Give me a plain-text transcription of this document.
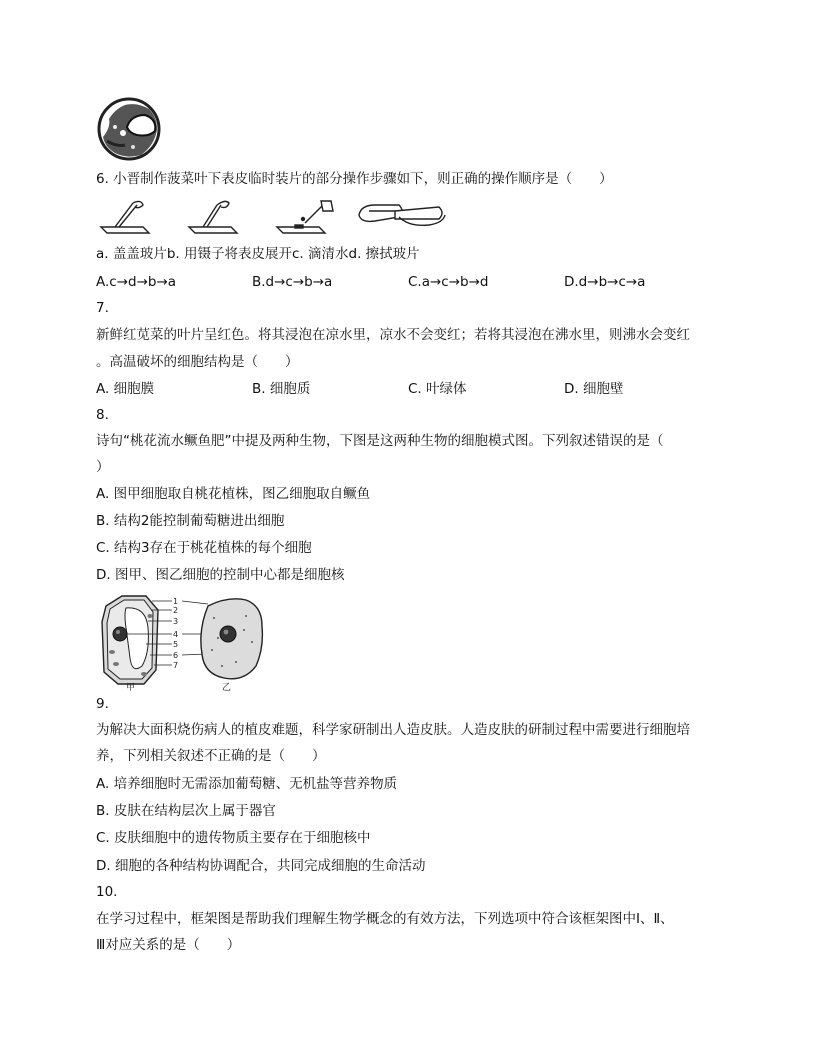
6. 小晋制作菠菜叶下表皮临时装片的部分操作步骤如下，则正确的操作顺序是（　　）
a. 盖盖玻片b. 用镊子将表皮展开c. 滴清水d. 擦拭玻片
A.c→d→b→a	B.d→c→b→a	C.a→c→b→d	D.d→b→c→a
7.
新鲜红苋菜的叶片呈红色。将其浸泡在凉水里，凉水不会变红；若将其浸泡在沸水里，则沸水会变红
。高温破坏的细胞结构是（　　）
A. 细胞膜	B. 细胞质	C. 叶绿体	D. 细胞壁
8.
诗句“桃花流水鳜鱼肥”中提及两种生物，下图是这两种生物的细胞模式图。下列叙述错误的是（
）
A. 图甲细胞取自桃花植株，图乙细胞取自鳜鱼
B. 结构2能控制葡萄糖进出细胞
C. 结构3存在于桃花植株的每个细胞
D. 图甲、图乙细胞的控制中心都是细胞核
1
2
3
4
5
6
7
甲	乙
9.
为解决大面积烧伤病人的植皮难题，科学家研制出人造皮肤。人造皮肤的研制过程中需要进行细胞培
养，下列相关叙述不正确的是（　　）
A. 培养细胞时无需添加葡萄糖、无机盐等营养物质
B. 皮肤在结构层次上属于器官
C. 皮肤细胞中的遗传物质主要存在于细胞核中
D. 细胞的各种结构协调配合，共同完成细胞的生命活动
10.
在学习过程中，框架图是帮助我们理解生物学概念的有效方法，下列选项中符合该框架图中Ⅰ、Ⅱ、
Ⅲ对应关系的是（　　）
